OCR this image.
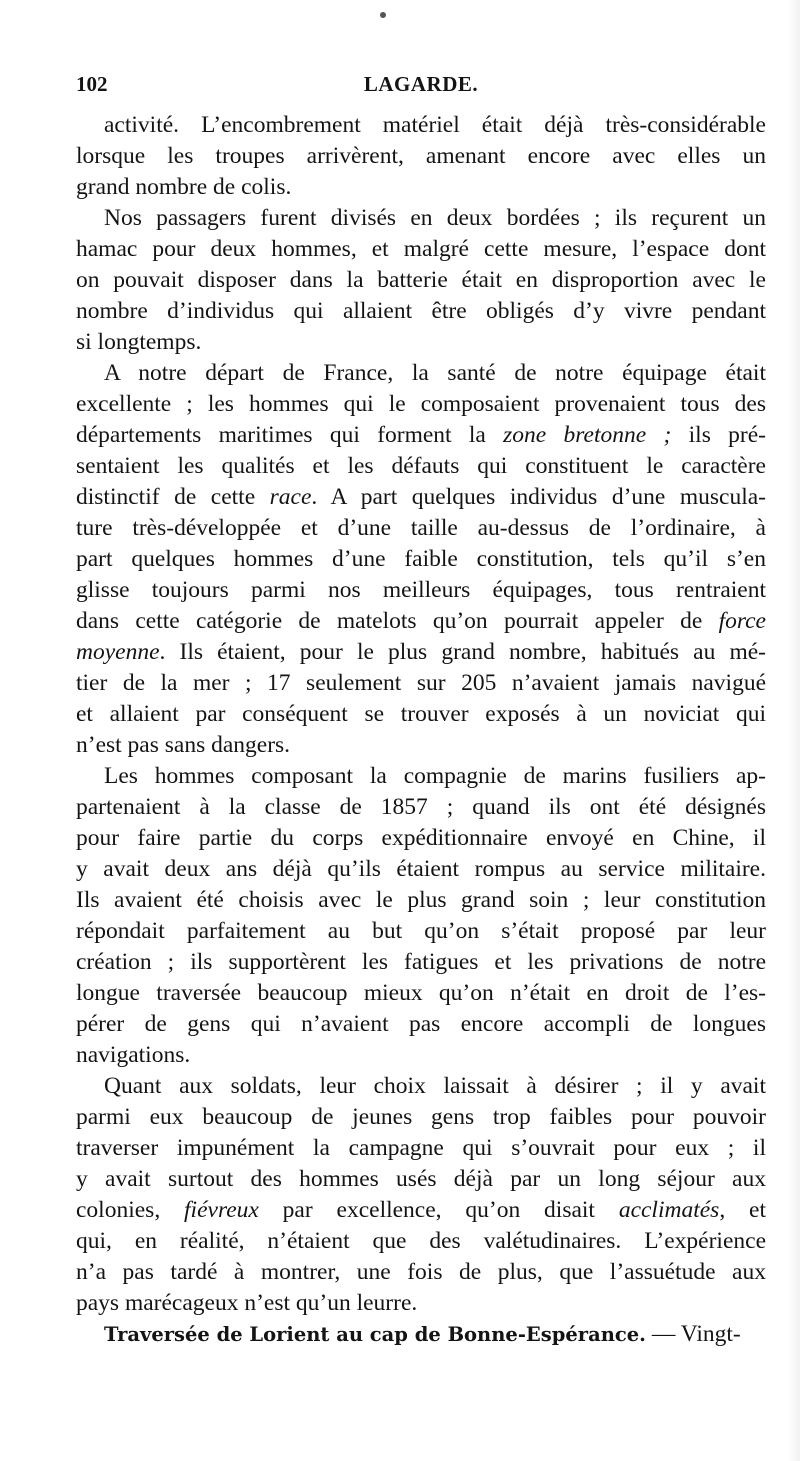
102	LAGARDE.
activité. L’encombrement matériel était déjà très-considérable
lorsque les troupes arrivèrent, amenant encore avec elles un
grand nombre de colis.
Nos passagers furent divisés en deux bordées ; ils reçurent un
hamac pour deux hommes, et malgré cette mesure, l’espace dont
on pouvait disposer dans la batterie était en disproportion avec le
nombre d’individus qui allaient être obligés d’y vivre pendant
si longtemps.
A notre départ de France, la santé de notre équipage était
excellente ; les hommes qui le composaient provenaient tous des
départements maritimes qui forment la zone bretonne ; ils pré-
sentaient les qualités et les défauts qui constituent le caractère
distinctif de cette race. A part quelques individus d’une muscula-
ture très-développée et d’une taille au-dessus de l’ordinaire, à
part quelques hommes d’une faible constitution, tels qu’il s’en
glisse toujours parmi nos meilleurs équipages, tous rentraient
dans cette catégorie de matelots qu’on pourrait appeler de force
moyenne. Ils étaient, pour le plus grand nombre, habitués au mé-
tier de la mer ; 17 seulement sur 205 n’avaient jamais navigué
et allaient par conséquent se trouver exposés à un noviciat qui
n’est pas sans dangers.
Les hommes composant la compagnie de marins fusiliers ap-
partenaient à la classe de 1857 ; quand ils ont été désignés
pour faire partie du corps expéditionnaire envoyé en Chine, il
y avait deux ans déjà qu’ils étaient rompus au service militaire.
Ils avaient été choisis avec le plus grand soin ; leur constitution
répondait parfaitement au but qu’on s’était proposé par leur
création ; ils supportèrent les fatigues et les privations de notre
longue traversée beaucoup mieux qu’on n’était en droit de l’es-
pérer de gens qui n’avaient pas encore accompli de longues
navigations.
Quant aux soldats, leur choix laissait à désirer ; il y avait
parmi eux beaucoup de jeunes gens trop faibles pour pouvoir
traverser impunément la campagne qui s’ouvrait pour eux ; il
y avait surtout des hommes usés déjà par un long séjour aux
colonies, fiévreux par excellence, qu’on disait acclimatés, et
qui, en réalité, n’étaient que des valétudinaires. L’expérience
n’a pas tardé à montrer, une fois de plus, que l’assuétude aux
pays marécageux n’est qu’un leurre.
Traversée de Lorient au cap de Bonne-Espérance. — Vingt-
